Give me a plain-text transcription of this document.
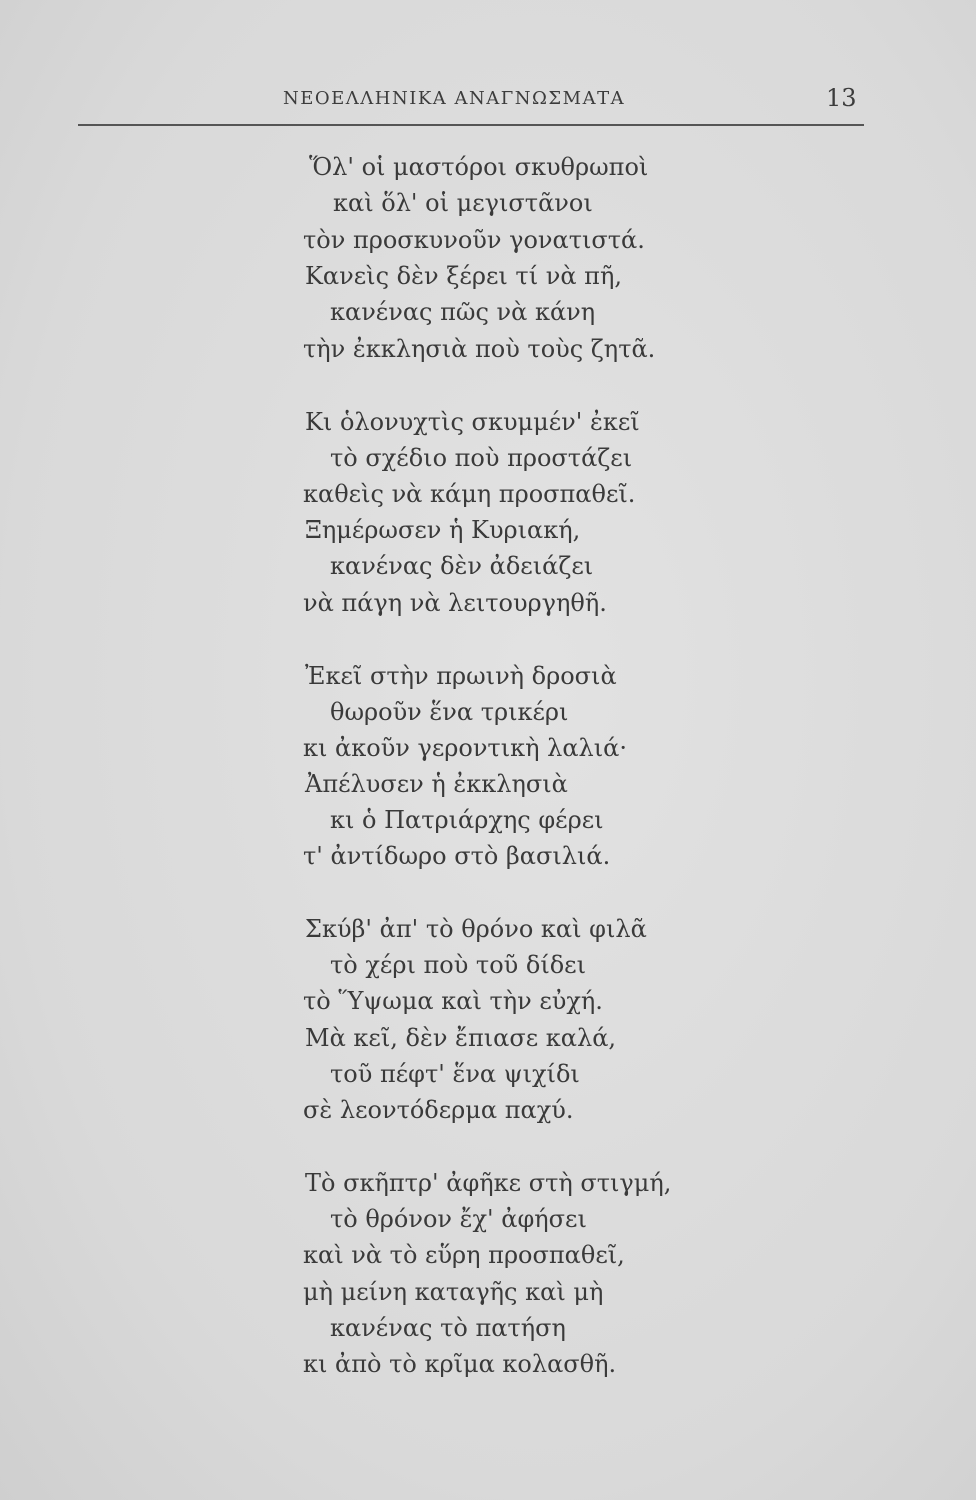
ΝΕΟΕΛΛΗΝΙΚΑ ΑΝΑΓΝΩΣΜΑΤΑ	13
Ὅλ' οἱ μαστόροι σκυθρωποὶ
καὶ ὅλ' οἱ μεγιστᾶνοι
τὸν προσκυνοῦν γονατιστά.
Κανεὶς δὲν ξέρει τί νὰ πῆ,
κανένας πῶς νὰ κάνη
τὴν ἐκκλησιὰ ποὺ τοὺς ζητᾶ.
Κι ὁλονυχτὶς σκυμμέν' ἐκεῖ
τὸ σχέδιο ποὺ προστάζει
καθεὶς νὰ κάμη προσπαθεῖ.
Ξημέρωσεν ἡ Κυριακή,
κανένας δὲν ἀδειάζει
νὰ πάγη νὰ λειτουργηθῆ.
Ἐκεῖ στὴν πρωινὴ δροσιὰ
θωροῦν ἕνα τρικέρι
κι ἀκοῦν γεροντικὴ λαλιά·
Ἀπέλυσεν ἡ ἐκκλησιὰ
κι ὁ Πατριάρχης φέρει
τ' ἀντίδωρο στὸ βασιλιά.
Σκύβ' ἀπ' τὸ θρόνο καὶ φιλᾶ
τὸ χέρι ποὺ τοῦ δίδει
τὸ Ὕψωμα καὶ τὴν εὐχή.
Μὰ κεῖ, δὲν ἔπιασε καλά,
τοῦ πέφτ' ἕνα ψιχίδι
σὲ λεοντόδερμα παχύ.
Τὸ σκῆπτρ' ἀφῆκε στὴ στιγμή,
τὸ θρόνον ἔχ' ἀφήσει
καὶ νὰ τὸ εὕρη προσπαθεῖ,
μὴ μείνη καταγῆς καὶ μὴ
κανένας τὸ πατήση
κι ἀπὸ τὸ κρῖμα κολασθῆ.
